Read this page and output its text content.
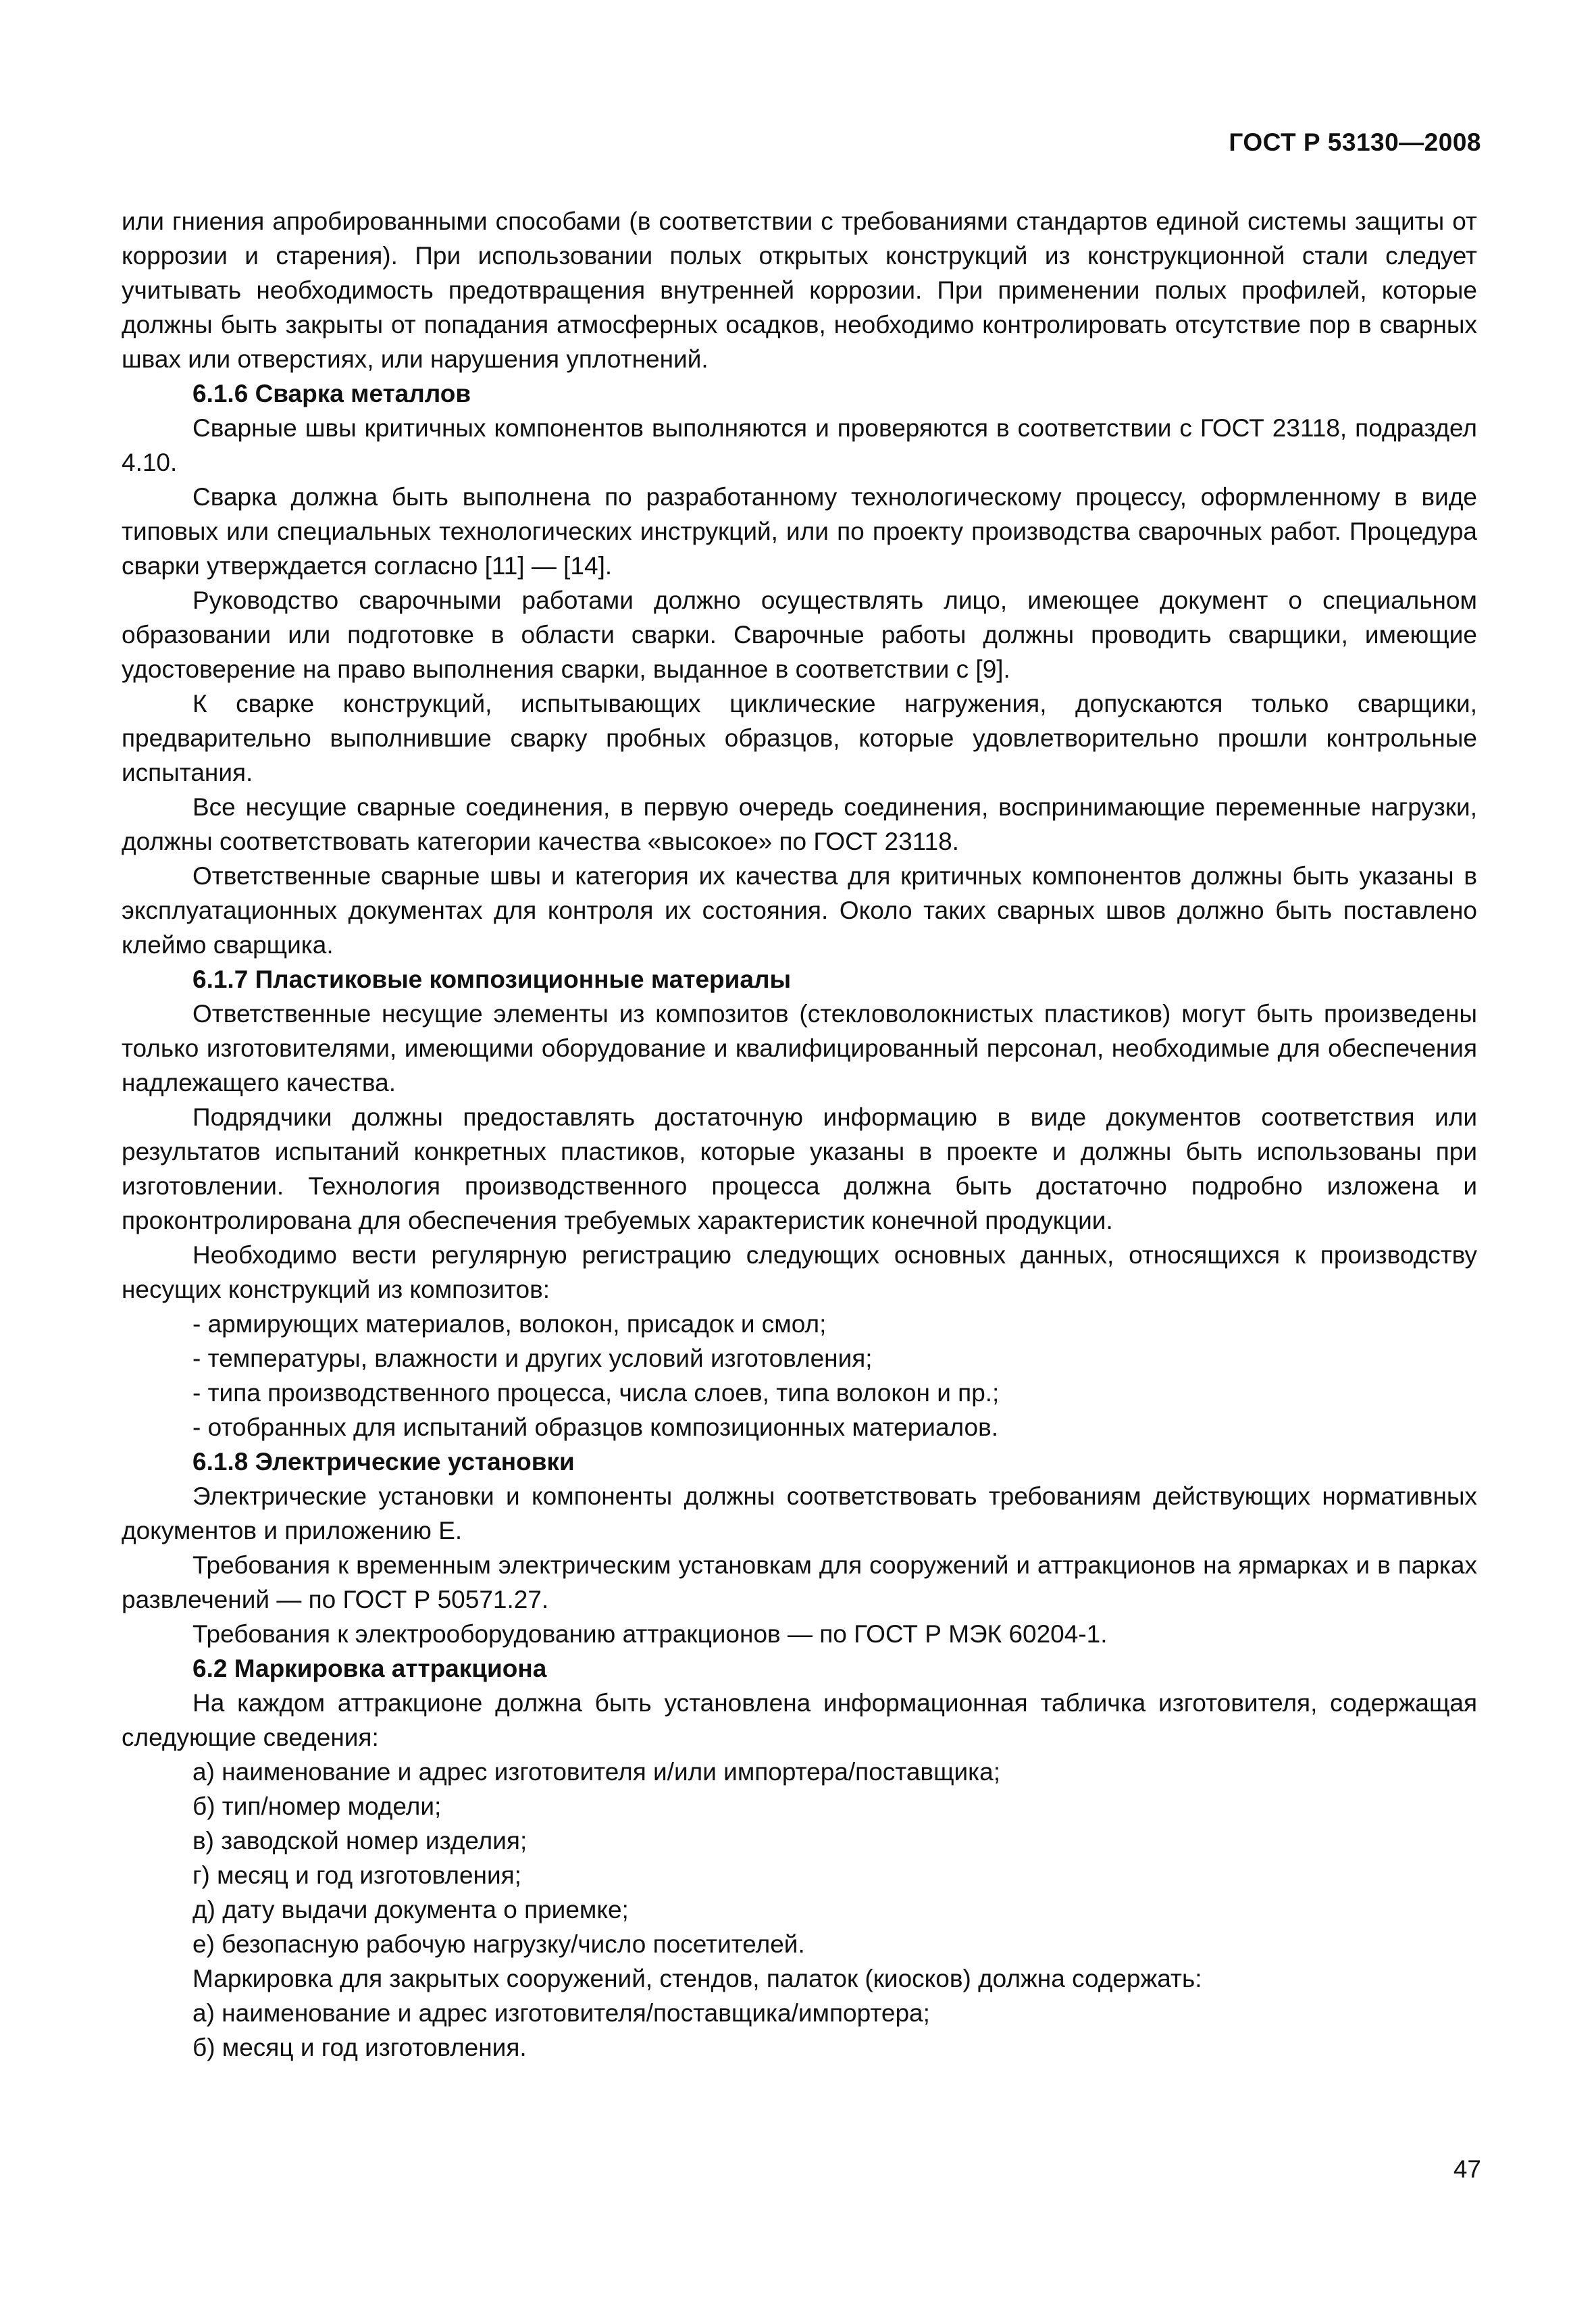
ГОСТ Р 53130—2008

или гниения апробированными способами (в соответствии с требованиями стандартов единой системы защиты от коррозии и старения). При использовании полых открытых конструкций из конструкционной стали следует учитывать необходимость предотвращения внутренней коррозии. При применении полых профилей, которые должны быть закрыты от попадания атмосферных осадков, необходимо контролировать отсутствие пор в сварных швах или отверстиях, или нарушения уплотнений.

6.1.6 Сварка металлов

Сварные швы критичных компонентов выполняются и проверяются в соответствии с ГОСТ 23118, подраздел 4.10.

Сварка должна быть выполнена по разработанному технологическому процессу, оформленному в виде типовых или специальных технологических инструкций, или по проекту производства сварочных работ. Процедура сварки утверждается согласно [11] — [14].

Руководство сварочными работами должно осуществлять лицо, имеющее документ о специальном образовании или подготовке в области сварки. Сварочные работы должны проводить сварщики, имеющие удостоверение на право выполнения сварки, выданное в соответствии с [9].

К сварке конструкций, испытывающих циклические нагружения, допускаются только сварщики, предварительно выполнившие сварку пробных образцов, которые удовлетворительно прошли контрольные испытания.

Все несущие сварные соединения, в первую очередь соединения, воспринимающие переменные нагрузки, должны соответствовать категории качества «высокое» по ГОСТ 23118.

Ответственные сварные швы и категория их качества для критичных компонентов должны быть указаны в эксплуатационных документах для контроля их состояния. Около таких сварных швов должно быть поставлено клеймо сварщика.

6.1.7 Пластиковые композиционные материалы

Ответственные несущие элементы из композитов (стекловолокнистых пластиков) могут быть произведены только изготовителями, имеющими оборудование и квалифицированный персонал, необходимые для обеспечения надлежащего качества.

Подрядчики должны предоставлять достаточную информацию в виде документов соответствия или результатов испытаний конкретных пластиков, которые указаны в проекте и должны быть использованы при изготовлении. Технология производственного процесса должна быть достаточно подробно изложена и проконтролирована для обеспечения требуемых характеристик конечной продукции.

Необходимо вести регулярную регистрацию следующих основных данных, относящихся к производству несущих конструкций из композитов:

- армирующих материалов, волокон, присадок и смол;
- температуры, влажности и других условий изготовления;
- типа производственного процесса, числа слоев, типа волокон и пр.;
- отобранных для испытаний образцов композиционных материалов.
6.1.8 Электрические установки

Электрические установки и компоненты должны соответствовать требованиям действующих нормативных документов и приложению Е.

Требования к временным электрическим установкам для сооружений и аттракционов на ярмарках и в парках развлечений — по ГОСТ Р 50571.27.

Требования к электрооборудованию аттракционов — по ГОСТ Р МЭК 60204-1.

6.2 Маркировка аттракциона

На каждом аттракционе должна быть установлена информационная табличка изготовителя, содержащая следующие сведения:

а) наименование и адрес изготовителя и/или импортера/поставщика;
б) тип/номер модели;
в) заводской номер изделия;
г) месяц и год изготовления;
д) дату выдачи документа о приемке;
е) безопасную рабочую нагрузку/число посетителей.
Маркировка для закрытых сооружений, стендов, палаток (киосков) должна содержать:
а) наименование и адрес изготовителя/поставщика/импортера;
б) месяц и год изготовления.
47
